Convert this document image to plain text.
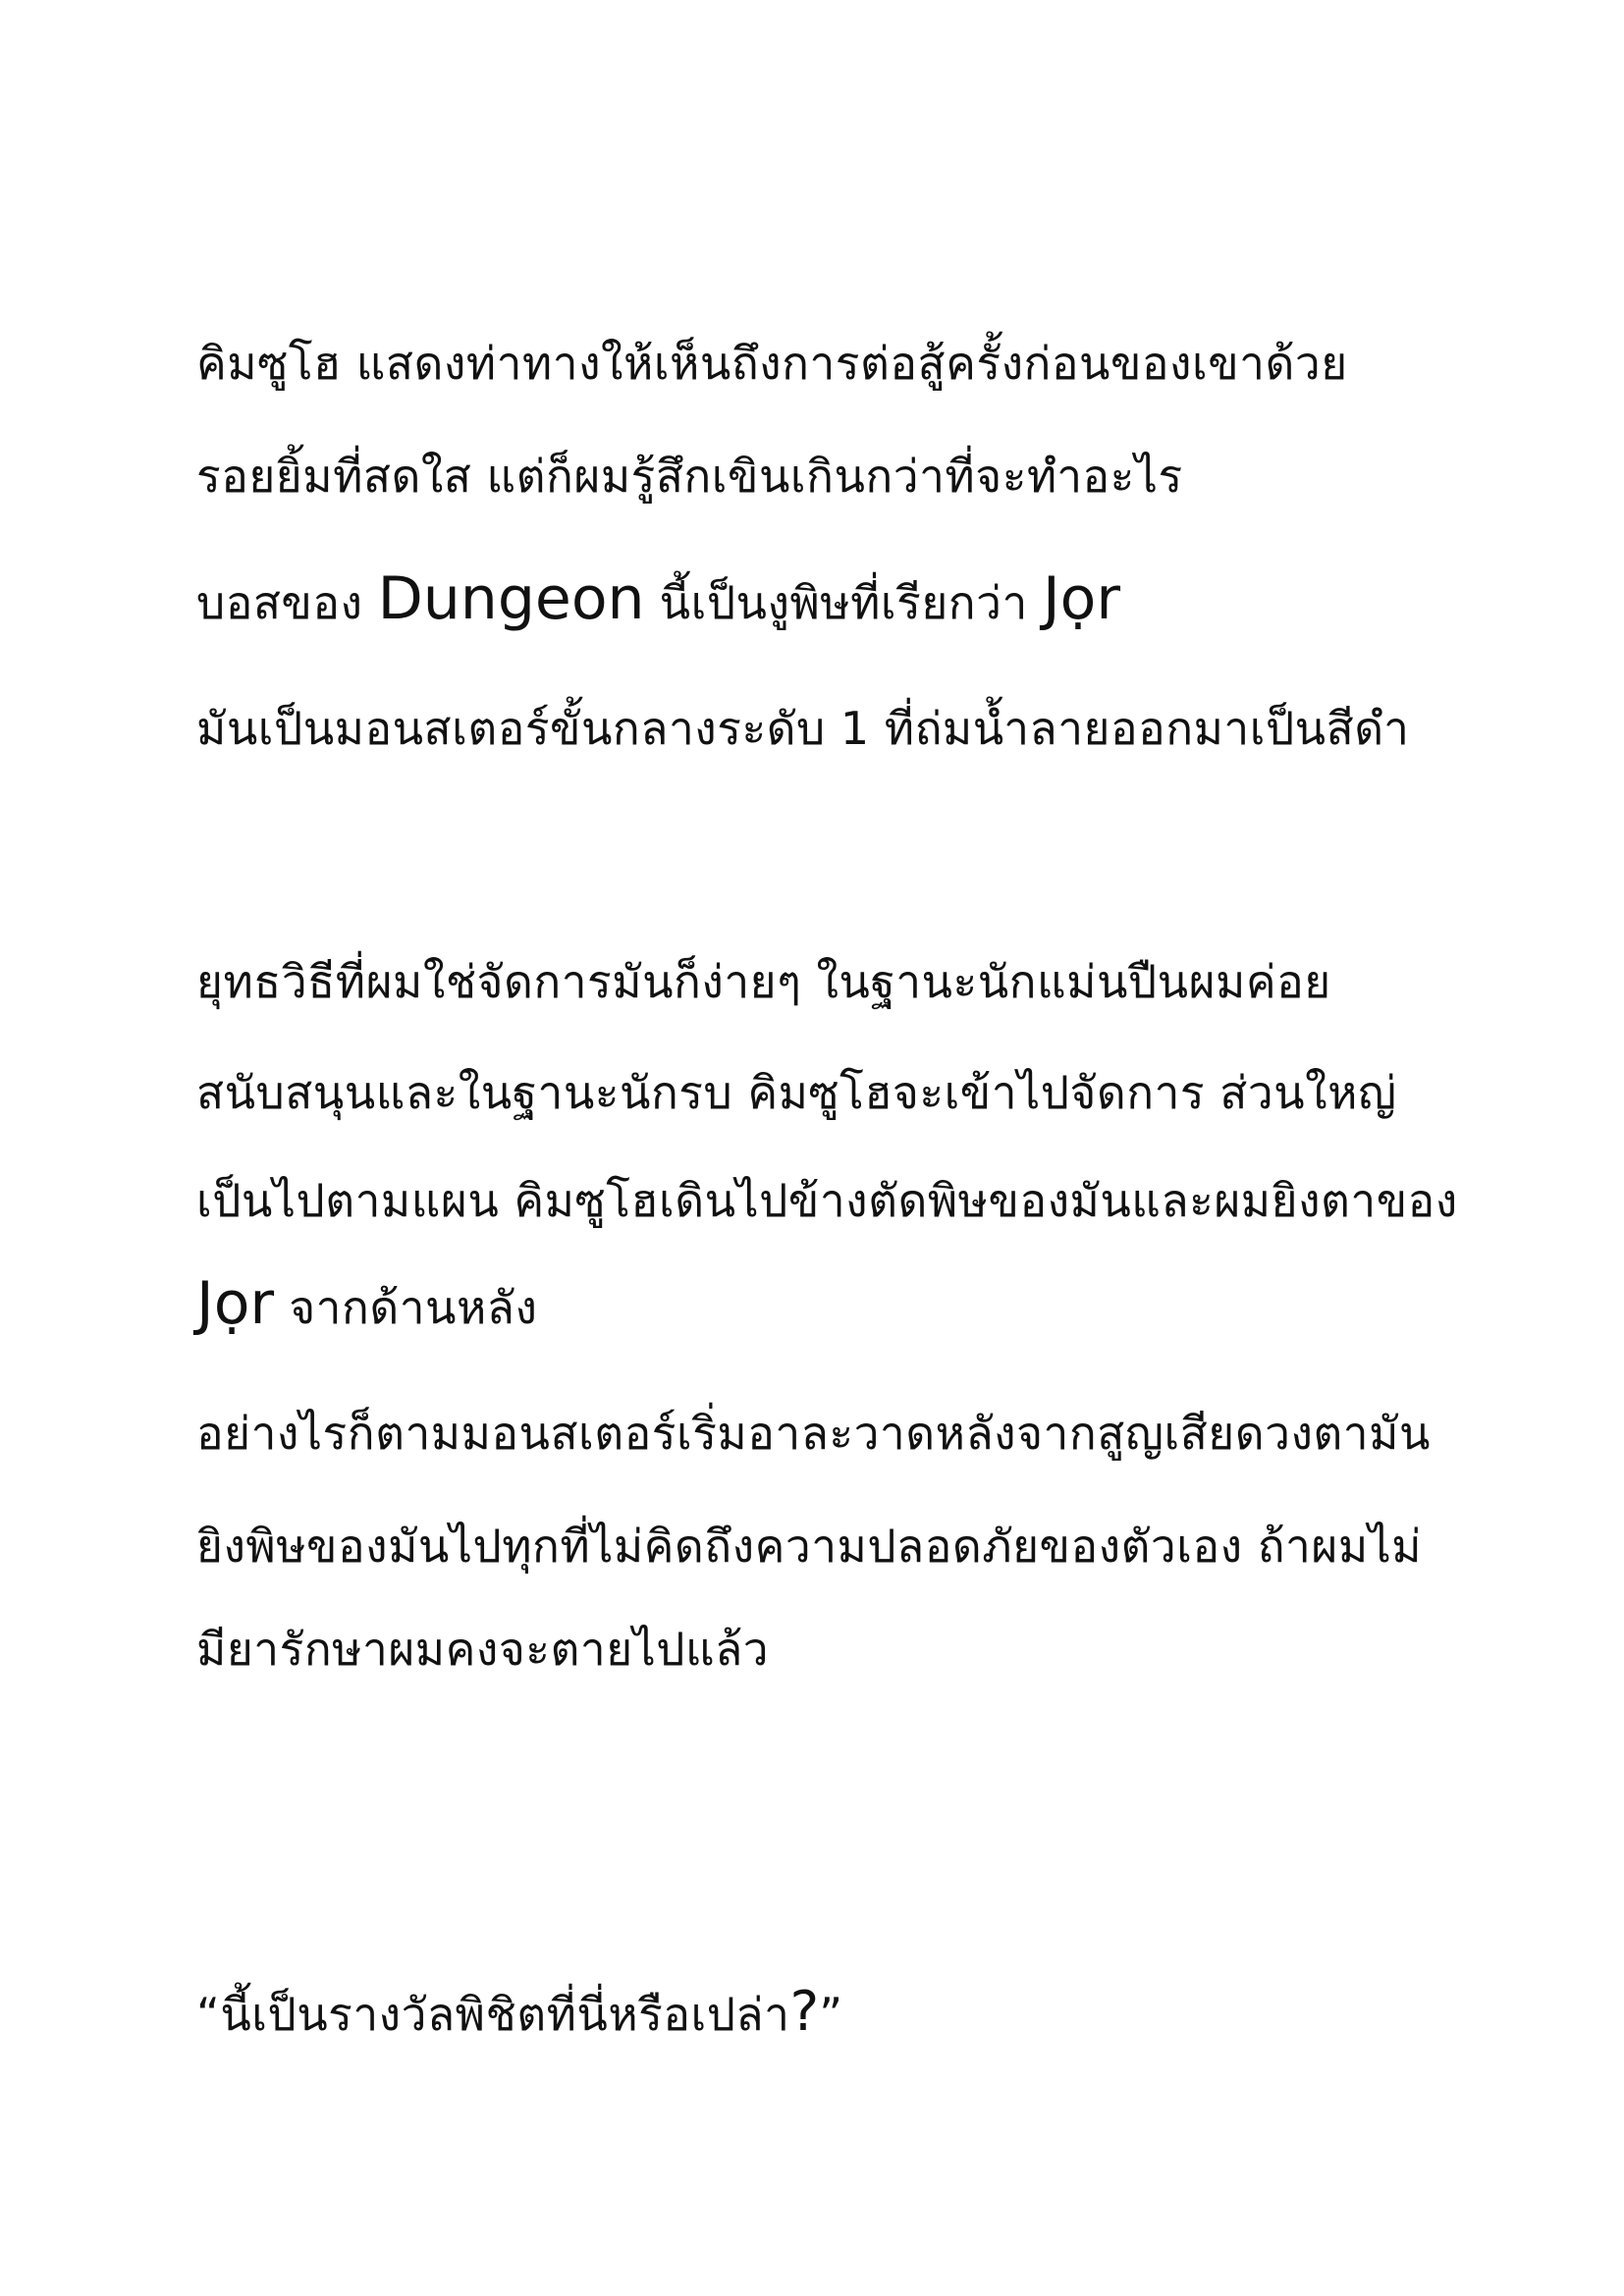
คิมซูโฮ แสดงท่าทางให้เห็นถึงการต่อสู้ครั้งก่อนของเขาด้วย
รอยยิ้มที่สดใส แต่ก็ผมรู้สึกเขินเกินกว่าที่จะทำอะไร
บอสของ Dungeon นี้เป็นงูพิษที่เรียกว่า Jọr
มันเป็นมอนสเตอร์ขั้นกลางระดับ 1 ที่ถ่มน้ำลายออกมาเป็นสีดำ
ยุทธวิธีที่ผมใช่จัดการมันก็ง่ายๆ ในฐานะนักแม่นปืนผมค่อย
สนับสนุนและในฐานะนักรบ คิมซูโฮจะเข้าไปจัดการ ส่วนใหญ่
เป็นไปตามแผน คิมซูโฮเดินไปข้างตัดพิษของมันและผมยิงตาของ
Jọr จากด้านหลัง
อย่างไรก็ตามมอนสเตอร์เริ่มอาละวาดหลังจากสูญเสียดวงตามัน
ยิงพิษของมันไปทุกที่ไม่คิดถึงความปลอดภัยของตัวเอง ถ้าผมไม่
มียารักษาผมคงจะตายไปแล้ว
“นี้เป็นรางวัลพิชิตที่นี่หรือเปล่า?”
